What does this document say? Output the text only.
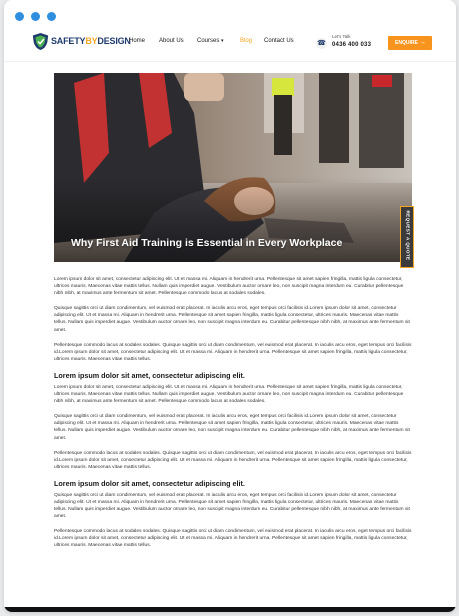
SAFETYBYDESIGN
Home About Us Courses ▾	Blog Contact Us	☎
Let's Talk
0436 400 033	ENQUIRE →
Why First Aid Training is Essential in Every Workplace	REQUEST A QUOTE

Lorem ipsum dolor sit amet, consectetur adipiscing elit. Ut et massa mi. Aliquam in hendrerit urna. Pellentesque sit amet sapien fringilla, mattis ligula consectetur, ultrices mauris. Maecenas vitae mattis tellus. Nullam quis imperdiet augue. Vestibulum auctor ornare leo, non suscipit magna interdum eu. Curabitur pellentesque nibh nibh, at maximus ante fermentum sit amet. Pellentesque commodo lacus at sodales sodales.

Quisque sagittis orci ut diam condimentum, vel euismod erat placerat. In iaculis arcu eros, eget tempus orci facilisis id.Lorem ipsum dolor sit amet, consectetur adipiscing elit. Ut et massa mi. Aliquam in hendrerit urna. Pellentesque sit amet sapien fringilla, mattis ligula consectetur, ultrices mauris. Maecenas vitae mattis tellus. Nullam quis imperdiet augue. Vestibulum auctor ornare leo, non suscipit magna interdum eu. Curabitur pellentesque nibh nibh, at maximus ante fermentum sit amet.

Pellentesque commodo lacus at sodales sodales. Quisque sagittis orci ut diam condimentum, vel euismod erat placerat. In iaculis arcu eros, eget tempus orci facilisis id.Lorem ipsum dolor sit amet, consectetur adipiscing elit. Ut et massa mi. Aliquam in hendrerit urna. Pellentesque sit amet sapien fringilla, mattis ligula consectetur, ultrices mauris. Maecenas vitae mattis tellus.

Lorem ipsum dolor sit amet, consectetur adipiscing elit.

Lorem ipsum dolor sit amet, consectetur adipiscing elit. Ut et massa mi. Aliquam in hendrerit urna. Pellentesque sit amet sapien fringilla, mattis ligula consectetur, ultrices mauris. Maecenas vitae mattis tellus. Nullam quis imperdiet augue. Vestibulum auctor ornare leo, non suscipit magna interdum eu. Curabitur pellentesque nibh nibh, at maximus ante fermentum sit amet. Pellentesque commodo lacus at sodales sodales.

Quisque sagittis orci ut diam condimentum, vel euismod erat placerat. In iaculis arcu eros, eget tempus orci facilisis id.Lorem ipsum dolor sit amet, consectetur adipiscing elit. Ut et massa mi. Aliquam in hendrerit urna. Pellentesque sit amet sapien fringilla, mattis ligula consectetur, ultrices mauris. Maecenas vitae mattis tellus. Nullam quis imperdiet augue. Vestibulum auctor ornare leo, non suscipit magna interdum eu. Curabitur pellentesque nibh nibh, at maximus ante fermentum sit amet.

Pellentesque commodo lacus at sodales sodales. Quisque sagittis orci ut diam condimentum, vel euismod erat placerat. In iaculis arcu eros, eget tempus orci facilisis id.Lorem ipsum dolor sit amet, consectetur adipiscing elit. Ut et massa mi. Aliquam in hendrerit urna. Pellentesque sit amet sapien fringilla, mattis ligula consectetur, ultrices mauris. Maecenas vitae mattis tellus.

Lorem ipsum dolor sit amet, consectetur adipiscing elit.

Quisque sagittis orci ut diam condimentum, vel euismod erat placerat. In iaculis arcu eros, eget tempus orci facilisis id.Lorem ipsum dolor sit amet, consectetur adipiscing elit. Ut et massa mi. Aliquam in hendrerit urna. Pellentesque sit amet sapien fringilla, mattis ligula consectetur, ultrices mauris. Maecenas vitae mattis tellus. Nullam quis imperdiet augue. Vestibulum auctor ornare leo, non suscipit magna interdum eu. Curabitur pellentesque nibh nibh, at maximus ante fermentum sit amet.

Pellentesque commodo lacus at sodales sodales. Quisque sagittis orci ut diam condimentum, vel euismod erat placerat. In iaculis arcu eros, eget tempus orci facilisis id.Lorem ipsum dolor sit amet, consectetur adipiscing elit. Ut et massa mi. Aliquam in hendrerit urna. Pellentesque sit amet sapien fringilla, mattis ligula consectetur, ultrices mauris. Maecenas vitae mattis tellus.
